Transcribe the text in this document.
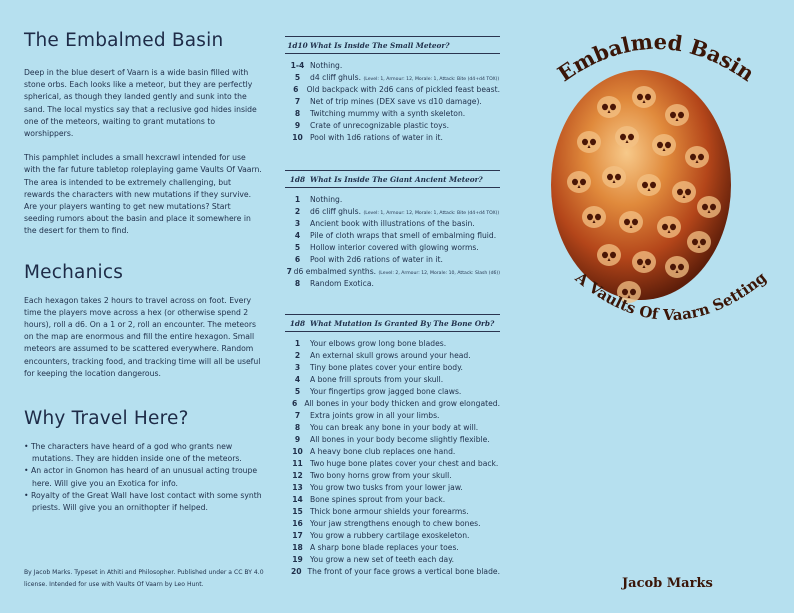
The Embalmed Basin

Deep in the blue desert of Vaarn is a wide basin filled with stone orbs. Each looks like a meteor, but they are perfectly spherical, as though they landed gently and sunk into the sand. The local mystics say that a reclusive god hides inside one of the meteors, waiting to grant mutations to worshippers.

This pamphlet includes a small hexcrawl intended for use with the far future tabletop roleplaying game Vaults Of Vaarn. The area is intended to be extremely challenging, but rewards the characters with new mutations if they survive. Are your players wanting to get new mutations? Start seeding rumors about the basin and place it somewhere in the desert for them to find.

Mechanics

Each hexagon takes 2 hours to travel across on foot. Every time the players move across a hex (or otherwise spend 2 hours), roll a d6. On a 1 or 2, roll an encounter. The meteors on the map are enormous and fill the entire hexagon. Small meteors are assumed to be scattered everywhere. Random encounters, tracking food, and tracking time will all be useful for keeping the location dangerous.

Why Travel Here?

• The characters have heard of a god who grants new mutations. They are hidden inside one of the meteors.

• An actor in Gnomon has heard of an unusual acting troupe here. Will give you an Exotica for info.

• Royalty of the Great Wall have lost contact with some synth priests. Will give you an ornithopter if helped.

By Jacob Marks. Typeset in Athiti and Philosopher. Published under a CC BY 4.0 license. Intended for use with Vaults Of Vaarn by Leo Hunt.
1d10 What Is Inside The Small Meteor?
1-4 Nothing.
5	d4 cliff ghuls. (Level: 1, Armour: 12, Morale: 1, Attack: Bite (d4+d4 TOX))
6	Old backpack with 2d6 cans of pickled feast beast.
7	Net of trip mines (DEX save vs d10 damage).
8	Twitching mummy with a synth skeleton.
9	Crate of unrecognizable plastic toys.
10 Pool with 1d6 rations of water in it.
1d8 What Is Inside The Giant Ancient Meteor?
1	Nothing.
2	d6 cliff ghuls. (Level: 1, Armour: 12, Morale: 1, Attack: Bite (d4+d4 TOX))
3	Ancient book with illustrations of the basin.
4	Pile of cloth wraps that smell of embalming fluid.
5	Hollow interior covered with glowing worms.
6	Pool with 2d6 rations of water in it.
7 d6 embalmed synths. (Level: 2, Armour: 12, Morale: 10, Attack: Slash (d6))
8	Random Exotica.
1d8 What Mutation Is Granted By The Bone Orb?
1	Your elbows grow long bone blades.
2	An external skull grows around your head.
3	Tiny bone plates cover your entire body.
4	A bone frill sprouts from your skull.
5	Your fingertips grow jagged bone claws.
6 All bones in your body thicken and grow elongated.
7	Extra joints grow in all your limbs.
8	You can break any bone in your body at will.
9	All bones in your body become slightly flexible.
10 A heavy bone club replaces one hand.
11 Two huge bone plates cover your chest and back.
12 Two bony horns grow from your skull.
13 You grow two tusks from your lower jaw.
14 Bone spines sprout from your back.
15 Thick bone armour shields your forearms.
16 Your jaw strengthens enough to chew bones.
17 You grow a rubbery cartilage exoskeleton.
18 A sharp bone blade replaces your toes.
19 You grow a new set of teeth each day.
20 The front of your face grows a vertical bone blade.
Embalmed Basin
A Vaults Of Vaarn Setting
Jacob Marks
